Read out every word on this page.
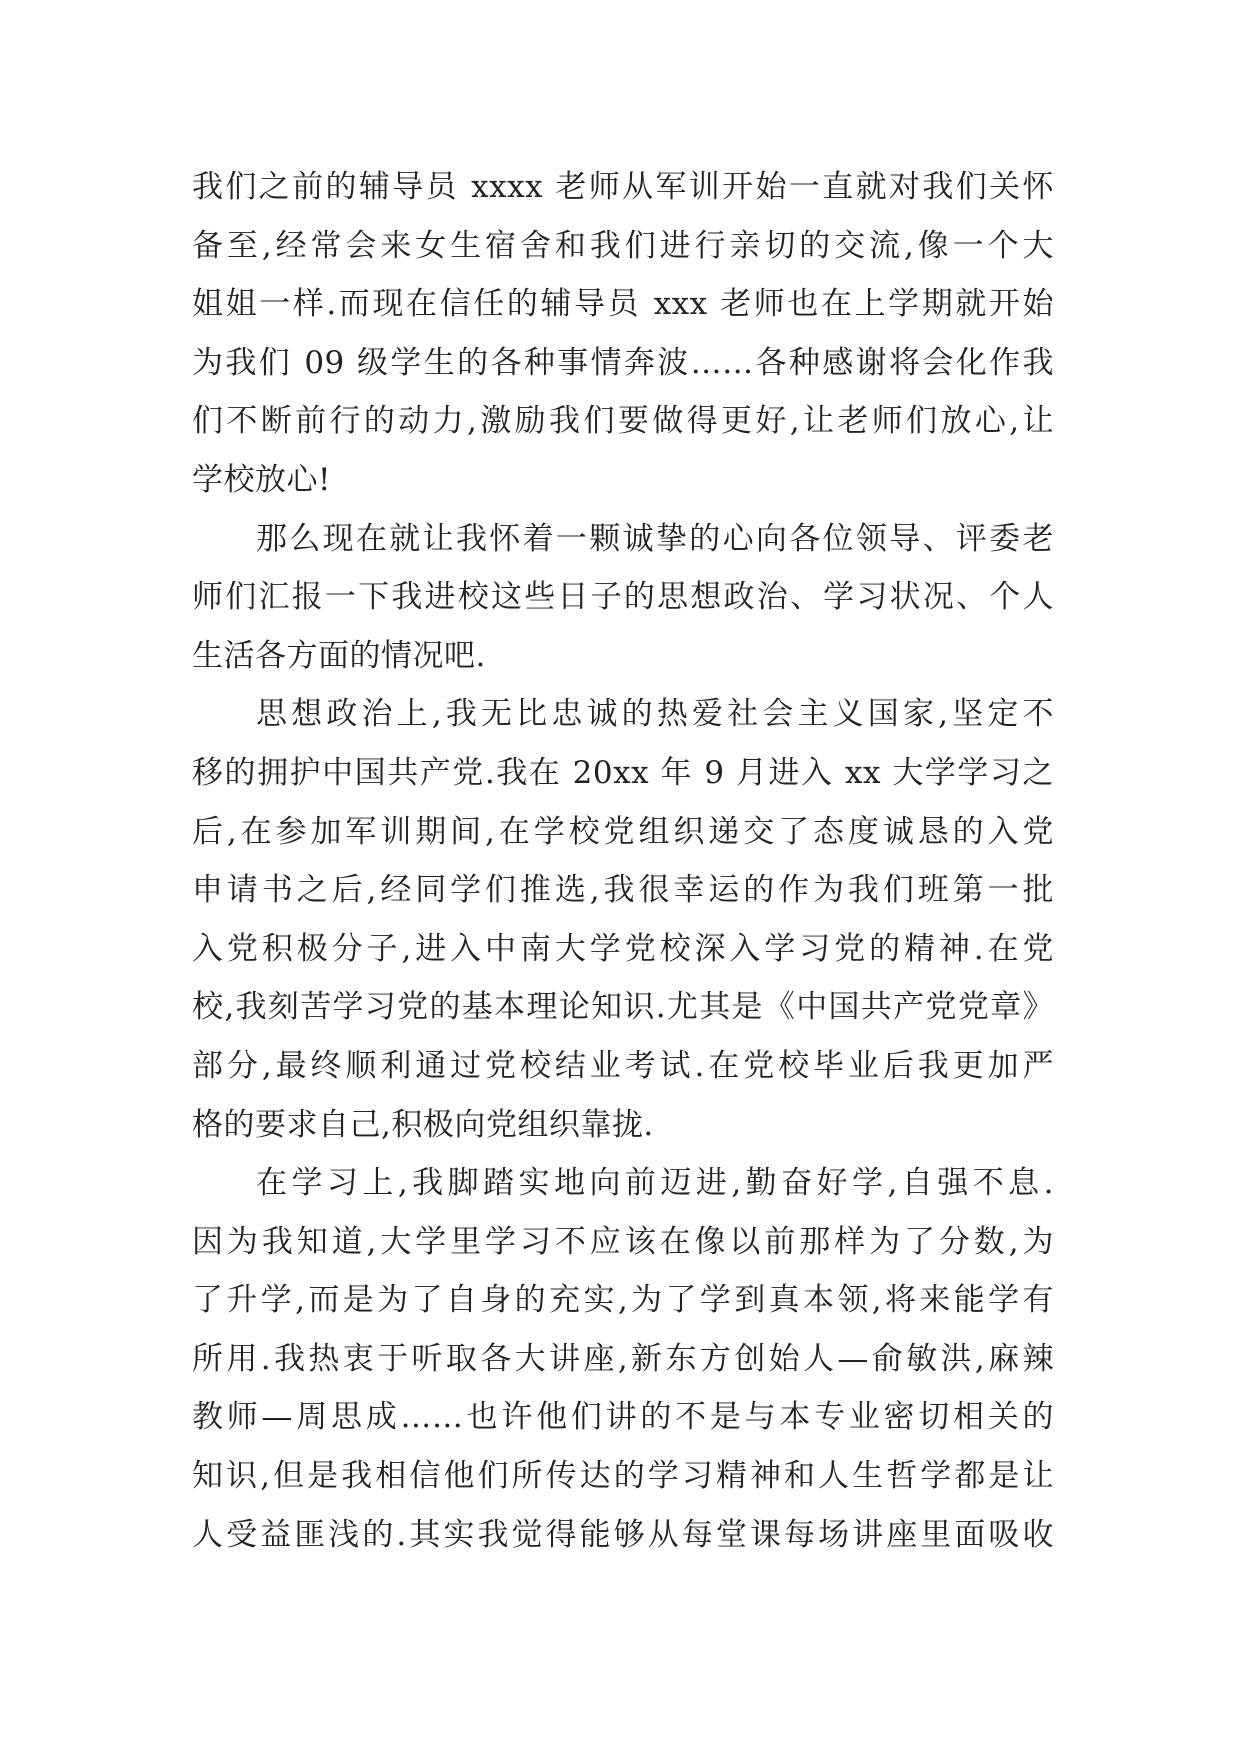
我们之前的辅导员 xxxx 老师从军训开始一直就对我们关怀
备至,经常会来女生宿舍和我们进行亲切的交流,像一个大
姐姐一样.而现在信任的辅导员 xxx 老师也在上学期就开始
为我们 09 级学生的各种事情奔波……各种感谢将会化作我
们不断前行的动力,激励我们要做得更好,让老师们放心,让
学校放心!
那么现在就让我怀着一颗诚挚的心向各位领导、评委老
师们汇报一下我进校这些日子的思想政治、学习状况、个人
生活各方面的情况吧.
思想政治上,我无比忠诚的热爱社会主义国家,坚定不
移的拥护中国共产党.我在 20xx 年 9 月进入 xx 大学学习之
后,在参加军训期间,在学校党组织递交了态度诚恳的入党
申请书之后,经同学们推选,我很幸运的作为我们班第一批
入党积极分子,进入中南大学党校深入学习党的精神.在党
校,我刻苦学习党的基本理论知识.尤其是《中国共产党党章》
部分,最终顺利通过党校结业考试.在党校毕业后我更加严
格的要求自己,积极向党组织靠拢.
在学习上,我脚踏实地向前迈进,勤奋好学,自强不息.
因为我知道,大学里学习不应该在像以前那样为了分数,为
了升学,而是为了自身的充实,为了学到真本领,将来能学有
所用.我热衷于听取各大讲座,新东方创始人—俞敏洪,麻辣
教师—周思成……也许他们讲的不是与本专业密切相关的
知识,但是我相信他们所传达的学习精神和人生哲学都是让
人受益匪浅的.其实我觉得能够从每堂课每场讲座里面吸收
